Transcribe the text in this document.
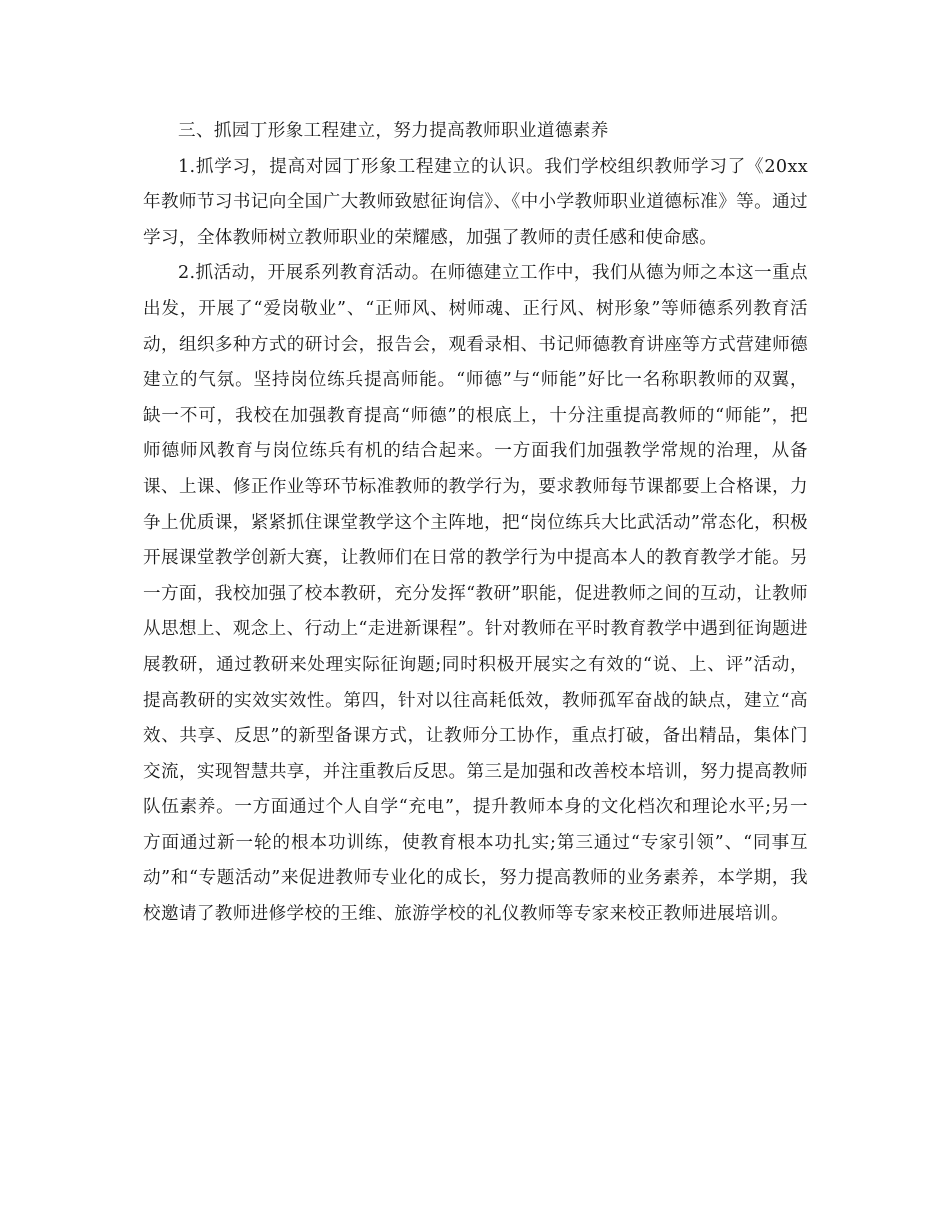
三、抓园丁形象工程建立，努力提高教师职业道德素养

1.抓学习，提高对园丁形象工程建立的认识。我们学校组织教师学习了《20xx年教师节习书记向全国广大教师致慰征询信》、《中小学教师职业道德标准》等。通过学习，全体教师树立教师职业的荣耀感，加强了教师的责任感和使命感。

2.抓活动，开展系列教育活动。在师德建立工作中，我们从德为师之本这一重点出发，开展了“爱岗敬业”、“正师风、树师魂、正行风、树形象”等师德系列教育活动，组织多种方式的研讨会，报告会，观看录相、书记师德教育讲座等方式营建师德建立的气氛。坚持岗位练兵提高师能。“师德”与“师能”好比一名称职教师的双翼，缺一不可，我校在加强教育提高“师德”的根底上，十分注重提高教师的“师能”，把师德师风教育与岗位练兵有机的结合起来。一方面我们加强教学常规的治理，从备课、上课、修正作业等环节标准教师的教学行为，要求教师每节课都要上合格课，力争上优质课，紧紧抓住课堂教学这个主阵地，把“岗位练兵大比武活动”常态化，积极开展课堂教学创新大赛，让教师们在日常的教学行为中提高本人的教育教学才能。另一方面，我校加强了校本教研，充分发挥“教研”职能，促进教师之间的互动，让教师从思想上、观念上、行动上“走进新课程”。针对教师在平时教育教学中遇到征询题进展教研，通过教研来处理实际征询题;同时积极开展实之有效的“说、上、评”活动，提高教研的实效实效性。第四，针对以往高耗低效，教师孤军奋战的缺点，建立“高效、共享、反思”的新型备课方式，让教师分工协作，重点打破，备出精品，集体门交流，实现智慧共享，并注重教后反思。第三是加强和改善校本培训，努力提高教师队伍素养。一方面通过个人自学“充电”，提升教师本身的文化档次和理论水平;另一方面通过新一轮的根本功训练，使教育根本功扎实;第三通过“专家引领”、“同事互动”和“专题活动”来促进教师专业化的成长，努力提高教师的业务素养，本学期，我校邀请了教师进修学校的王维、旅游学校的礼仪教师等专家来校正教师进展培训。
